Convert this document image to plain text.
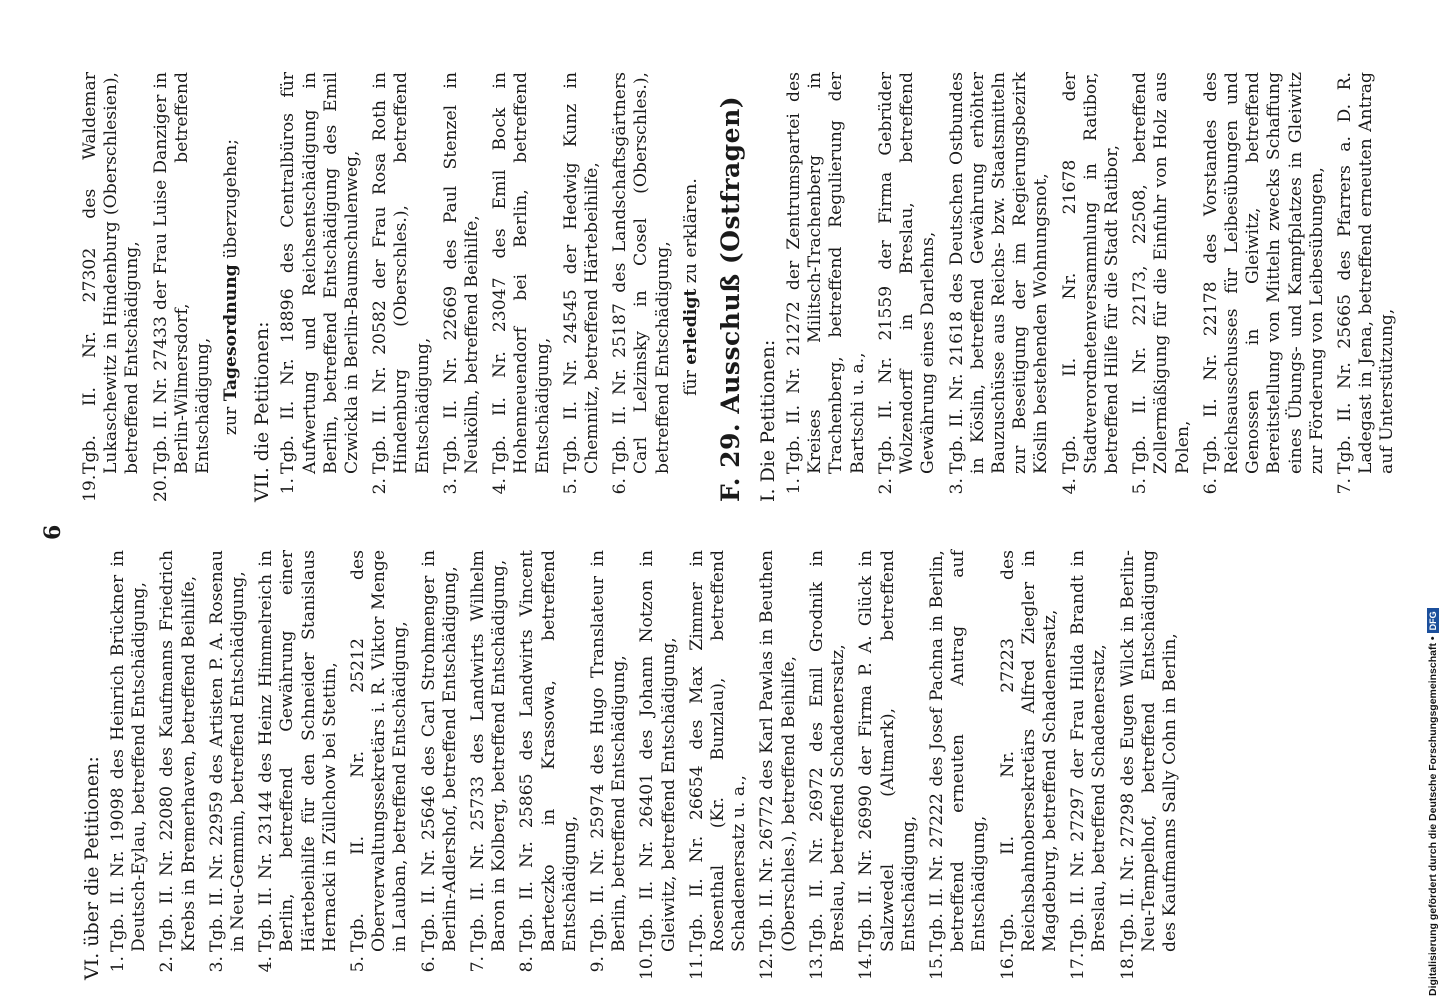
6
VI. über die Petitionen: 1.
Tgb. II. Nr. 19098 des Heinrich Brückner in Deutsch-Eylau, betreffend Entschädigung,
2.
Tgb. II. Nr. 22080 des Kaufmanns Friedrich Krebs in Bremerhaven, betreffend Beihilfe,
3.
Tgb. II. Nr. 22959 des Artisten P. A. Rosenau in Neu-Gemmin, betreffend Entschädigung,
4.
Tgb. II. Nr. 23144 des Heinz Himmelreich in Berlin, betreffend Gewährung einer Härtebeihilfe für den Schneider Stanislaus Hernacki in Züllchow bei Stettin,
5.
Tgb. II. Nr. 25212 des Oberverwaltungssekretärs i. R. Viktor Menge in Lauban, betreffend Entschädigung,
6.
Tgb. II. Nr. 25646 des Carl Strohmenger in Berlin-Adlershof, betreffend Entschädigung,
7.
Tgb. II. Nr. 25733 des Landwirts Wilhelm Baron in Kolberg, betreffend Entschädigung,
8.
Tgb. II. Nr. 25865 des Landwirts Vincent Barteczko in Krassowa, betreffend Entschädigung,
9.
Tgb. II. Nr. 25974 des Hugo Translateur in Berlin, betreffend Entschädigung,
10.
Tgb. II. Nr. 26401 des Johann Notzon in Gleiwitz, betreffend Entschädigung,
11.
Tgb. II. Nr. 26654 des Max Zimmer in Rosenthal (Kr. Bunzlau), betreffend Schadenersatz u. a.,
12.
Tgb. II. Nr. 26772 des Karl Pawlas in Beuthen (Oberschles.), betreffend Beihilfe,
13.
Tgb. II. Nr. 26972 des Emil Grodnik in Breslau, betreffend Schadenersatz,
14.
Tgb. II. Nr. 26990 der Firma P. A. Glück in Salzwedel (Altmark), betreffend Entschädigung,
15.
Tgb. II. Nr. 27222 des Josef Pachna in Berlin, betreffend erneuten Antrag auf Entschädigung,
16.
Tgb. II. Nr. 27223 des Reichsbahnobersekretärs Alfred Ziegler in Magdeburg, betreffend Schadenersatz,
17.
Tgb. II. Nr. 27297 der Frau Hilda Brandt in Breslau, betreffend Schadenersatz,
18.
Tgb. II. Nr. 27298 des Eugen Wilck in Berlin-Neu-Tempelhof, betreffend Entschädigung des Kaufmanns Sally Cohn in Berlin,
19.
Tgb. II. Nr. 27302 des Waldemar Lukaschewitz in Hindenburg (Oberschlesien), betreffend Entschädigung,
20.
Tgb. II. Nr. 27433 der Frau Luise Danziger in Berlin-Wilmersdorf, betreffend Entschädigung, zur Tagesordnung überzugehen;
VII. die Petitionen: 1.
Tgb. II. Nr. 18896 des Centralbüros für Aufwertung und Reichsentschädigung in Berlin, betreffend Entschädigung des Emil Czwickla in Berlin-Baumschulenweg,
2.
Tgb. II. Nr. 20582 der Frau Rosa Roth in Hindenburg (Oberschles.), betreffend Entschädigung,
3.
Tgb. II. Nr. 22669 des Paul Stenzel in Neukölln, betreffend Beihilfe,
4.
Tgb. II. Nr. 23047 des Emil Bock in Hohenneuendorf bei Berlin, betreffend Entschädigung,
5.
Tgb. II. Nr. 24545 der Hedwig Kunz in Chemnitz, betreffend Härtebeihilfe,
6.
Tgb. II. Nr. 25187 des Landschaftsgärtners Carl Lelzinsky in Cosel (Oberschles.), betreffend Entschädigung, für erledigt zu erklären. F. 29. Ausschuß (Ostfragen) I. Die Petitionen: 1.
Tgb. II. Nr. 21272 der Zentrumspartei des Kreises Militsch-Trachenberg in Trachenberg, betreffend Regulierung der Bartschi u. a.,
2.
Tgb. II. Nr. 21559 der Firma Gebrüder Wolzendorff in Breslau, betreffend Gewährung eines Darlehns,
3.
Tgb. II. Nr. 21618 des Deutschen Ostbundes in Köslin, betreffend Gewährung erhöhter Bauzuschüsse aus Reichs- bzw. Staatsmitteln zur Beseitigung der im Regierungsbezirk Köslin bestehenden Wohnungsnot,
4.
Tgb. II. Nr. 21678 der Stadtverordnetenversammlung in Ratibor, betreffend Hilfe für die Stadt Ratibor,
5.
Tgb. II. Nr. 22173, 22508, betreffend Zollermäßigung für die Einfuhr von Holz aus Polen,
6.
Tgb. II. Nr. 22178 des Vorstandes des Reichsausschusses für Leibesübungen und Genossen in Gleiwitz, betreffend Bereitstellung von Mitteln zwecks Schaffung eines Übungs- und Kampfplatzes in Gleiwitz zur Förderung von Leibesübungen,
7.
Tgb. II. Nr. 25665 des Pfarrers a. D. R. Ladegast in Jena, betreffend erneuten Antrag auf Unterstützung,
Digitalisierung gefördert durch die Deutsche Forschungsgemeinschaft •
DFG
